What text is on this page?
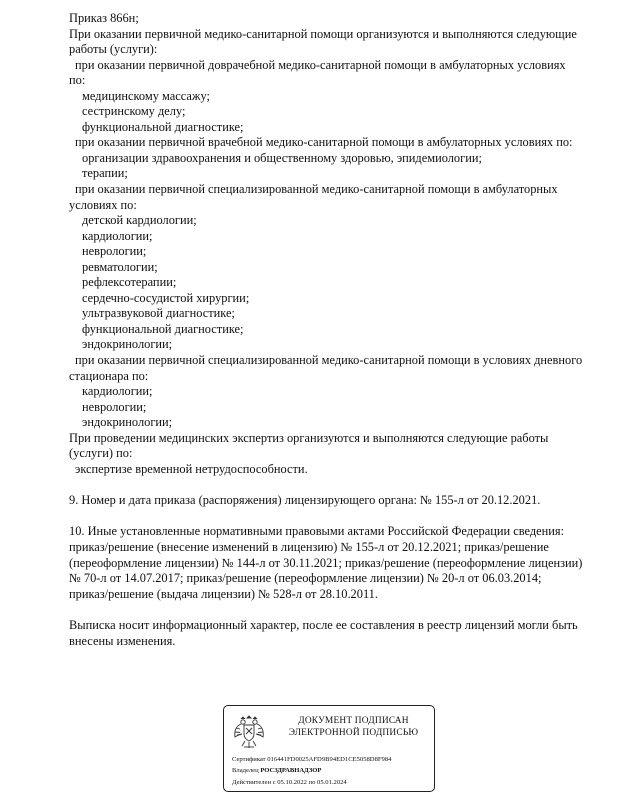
Приказ 866н;
При оказании первичной медико-санитарной помощи организуются и выполняются следующие
работы (услуги):
при оказании первичной доврачебной медико-санитарной помощи в амбулаторных условиях
по:
медицинскому массажу;
сестринскому делу;
функциональной диагностике;
при оказании первичной врачебной медико-санитарной помощи в амбулаторных условиях по:
организации здравоохранения и общественному здоровью, эпидемиологии;
терапии;
при оказании первичной специализированной медико-санитарной помощи в амбулаторных
условиях по:
детской кардиологии;
кардиологии;
неврологии;
ревматологии;
рефлексотерапии;
сердечно-сосудистой хирургии;
ультразвуковой диагностике;
функциональной диагностике;
эндокринологии;
при оказании первичной специализированной медико-санитарной помощи в условиях дневного
стационара по:
кардиологии;
неврологии;
эндокринологии;
При проведении медицинских экспертиз организуются и выполняются следующие работы
(услуги) по:
экспертизе временной нетрудоспособности.
9. Номер и дата приказа (распоряжения) лицензирующего органа: № 155-л от 20.12.2021.
10. Иные установленные нормативными правовыми актами Российской Федерации сведения:
приказ/решение (внесение изменений в лицензию) № 155-л от 20.12.2021; приказ/решение
(переоформление лицензии) № 144-л от 30.11.2021; приказ/решение (переоформление лицензии)
№ 70-л от 14.07.2017; приказ/решение (переоформление лицензии) № 20-л от 06.03.2014;
приказ/решение (выдача лицензии) № 528-л от 28.10.2011.
Выписка носит информационный характер, после ее составления в реестр лицензий могли быть
внесены изменения.
ДОКУМЕНТ ПОДПИСАН
ЭЛЕКТРОННОЙ ПОДПИСЬЮ
Сертификат 016441FD0025AFD9B94ED1CE5058D8F984
Владелец РОСЗДРАВНАДЗОР
Действителен с 05.10.2022 по 05.01.2024
